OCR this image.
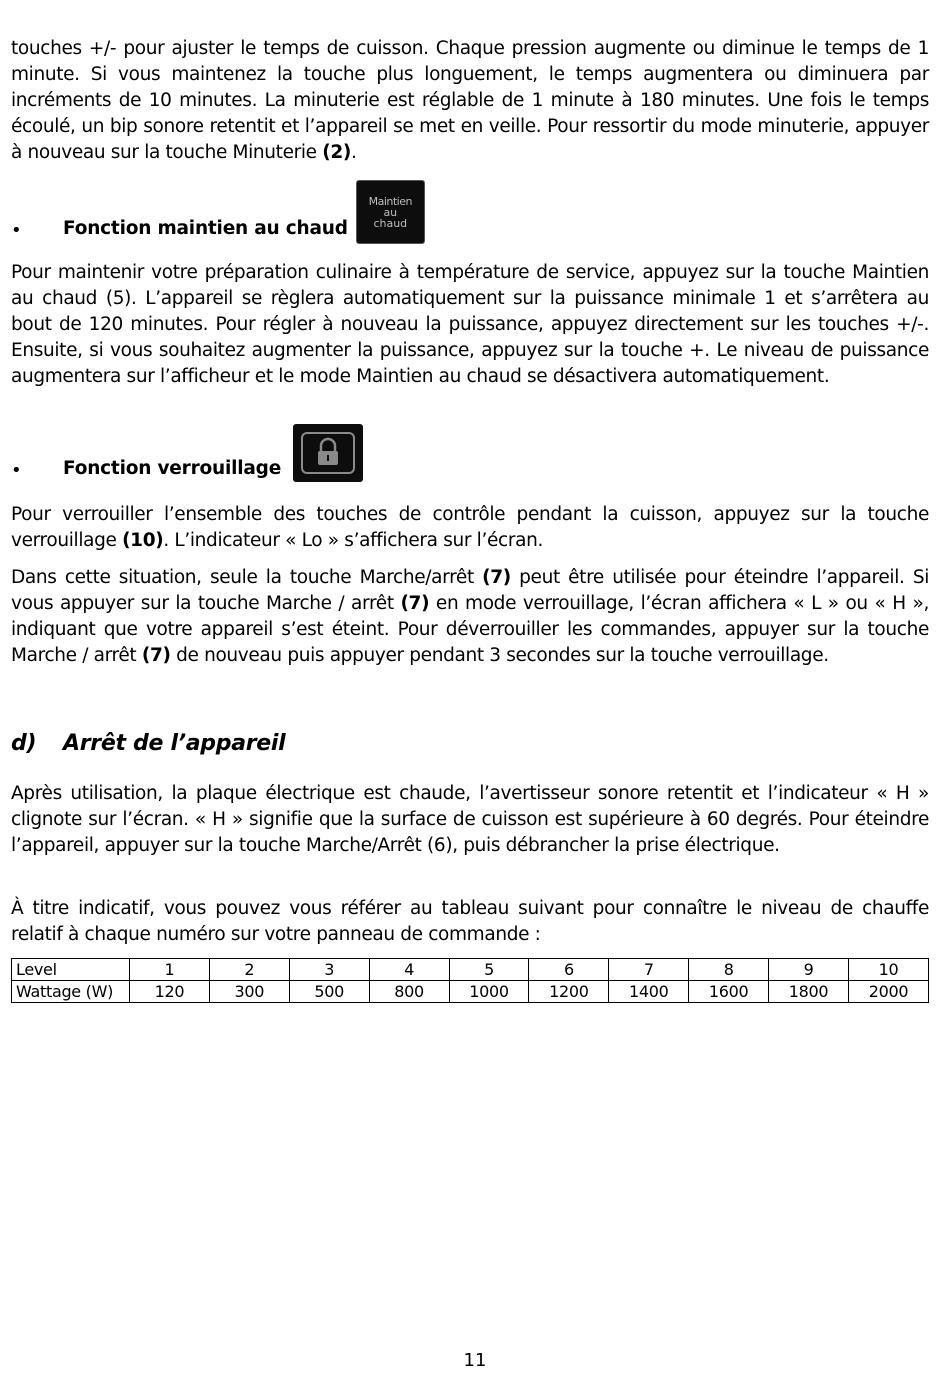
touches +/- pour ajuster le temps de cuisson. Chaque pression augmente ou diminue le temps de 1 minute. Si vous maintenez la touche plus longuement, le temps augmentera ou diminuera par incréments de 10 minutes. La minuterie est réglable de 1 minute à 180 minutes. Une fois le temps écoulé, un bip sonore retentit et l’appareil se met en veille. Pour ressortir du mode minuterie, appuyer à nouveau sur la touche Minuterie (2).

•	Fonction maintien au chaud
Maintien
au
chaud

Pour maintenir votre préparation culinaire à température de service, appuyez sur la touche Maintien au chaud (5). L’appareil se règlera automatiquement sur la puissance minimale 1 et s’arrêtera au bout de 120 minutes. Pour régler à nouveau la puissance, appuyez directement sur les touches +/-. Ensuite, si vous souhaitez augmenter la puissance, appuyez sur la touche +. Le niveau de puissance augmentera sur l’afficheur et le mode Maintien au chaud se désactivera automatiquement.

•	Fonction verrouillage

Pour verrouiller l’ensemble des touches de contrôle pendant la cuisson, appuyez sur la touche verrouillage (10). L’indicateur « Lo » s’affichera sur l’écran.

Dans cette situation, seule la touche Marche/arrêt (7) peut être utilisée pour éteindre l’appareil. Si vous appuyer sur la touche Marche / arrêt (7) en mode verrouillage, l’écran affichera « L » ou « H », indiquant que votre appareil s’est éteint. Pour déverrouiller les commandes, appuyer sur la touche Marche / arrêt (7) de nouveau puis appuyer pendant 3 secondes sur la touche verrouillage.

d) Arrêt de l’appareil

Après utilisation, la plaque électrique est chaude, l’avertisseur sonore retentit et l’indicateur « H » clignote sur l’écran. « H » signifie que la surface de cuisson est supérieure à 60 degrés. Pour éteindre l’appareil, appuyer sur la touche Marche/Arrêt (6), puis débrancher la prise électrique.

À titre indicatif, vous pouvez vous référer au tableau suivant pour connaître le niveau de chauffe relatif à chaque numéro sur votre panneau de commande :

Level	1	2	3	4	5	6	7	8	9	10
Wattage (W)	120	300	500	800	1000	1200	1400	1600	1800	2000
11
